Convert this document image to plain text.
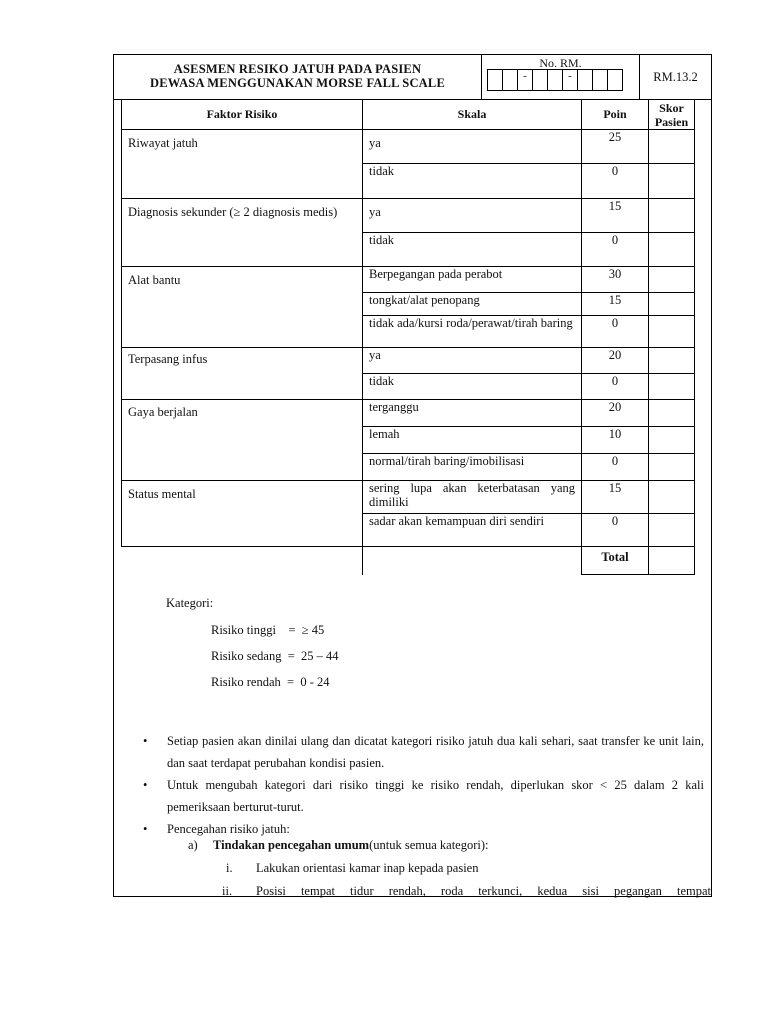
ASESMEN RESIKO JATUH PADA PASIEN
DEWASA MENGGUNAKAN MORSE FALL SCALE
No. RM.
-	-	RM.13.2
Faktor Risiko	Skala	Poin	Skor Pasien
Riwayat jatuh	ya	25	
	tidak	0	
Diagnosis sekunder (≥ 2 diagnosis medis)	ya	15	
	tidak	0	
Alat bantu	Berpegangan pada perabot	30	
	tongkat/alat penopang	15	
	tidak ada/kursi roda/perawat/tirah baring	0	
Terpasang infus	ya	20	
	tidak	0	
Gaya berjalan	terganggu	20	
	lemah	10	
	normal/tirah baring/imobilisasi	0	
Status mental	sering lupa akan keterbatasan yang dimiliki	15	
	sadar akan kemampuan diri sendiri	0	
		Total	
Kategori:
Risiko tinggi    =  ≥ 45
Risiko sedang  =  25 – 44
Risiko rendah  =  0 - 24
• Setiap pasien akan dinilai ulang dan dicatat kategori risiko jatuh dua kali sehari, saat transfer ke unit lain, dan saat terdapat perubahan kondisi pasien.
• Untuk mengubah kategori dari risiko tinggi ke risiko rendah, diperlukan skor < 25 dalam 2 kali pemeriksaan berturut-turut.
• Pencegahan risiko jatuh:
a) Tindakan pencegahan umum(untuk semua kategori):
i. Lakukan orientasi kamar inap kepada pasien
ii. Posisi tempat tidur rendah, roda terkunci, kedua sisi pegangan tempat
